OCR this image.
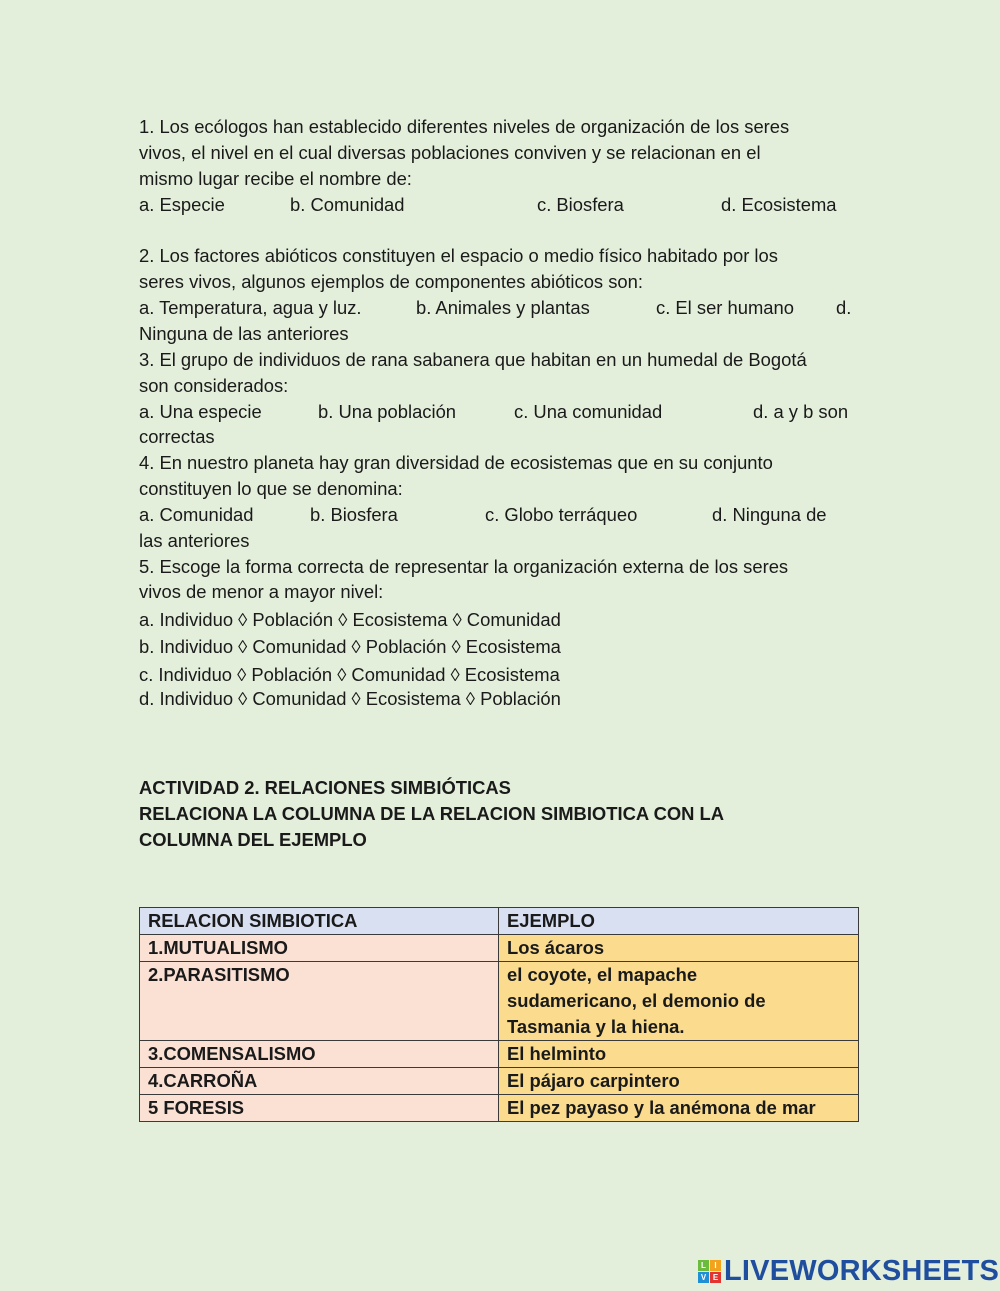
1. Los ecólogos han establecido diferentes niveles de organización de los seres
vivos, el nivel en el cual diversas poblaciones conviven y se relacionan en el
mismo lugar recibe el nombre de:
a. Especie	b. Comunidad	c. Biosfera	d. Ecosistema
2. Los factores abióticos constituyen el espacio o medio físico habitado por los
seres vivos, algunos ejemplos de componentes abióticos son:
a. Temperatura, agua y luz.	b. Animales y plantas	c. El ser humano d.
Ninguna de las anteriores
3. El grupo de individuos de rana sabanera que habitan en un humedal de Bogotá
son considerados:
a. Una especie	b. Una población	c. Una comunidad	d. a y b son
correctas
4. En nuestro planeta hay gran diversidad de ecosistemas que en su conjunto
constituyen lo que se denomina:
a. Comunidad	b. Biosfera	c. Globo terráqueo	d. Ninguna de
las anteriores
5. Escoge la forma correcta de representar la organización externa de los seres
vivos de menor a mayor nivel:
a. Individuo ◊ Población ◊ Ecosistema ◊ Comunidad
b. Individuo ◊ Comunidad ◊ Población ◊ Ecosistema
c. Individuo ◊ Población ◊ Comunidad ◊ Ecosistema
d. Individuo ◊ Comunidad ◊ Ecosistema ◊ Población
ACTIVIDAD 2. RELACIONES SIMBIÓTICAS
RELACIONA LA COLUMNA DE LA RELACION SIMBIOTICA CON LA
COLUMNA DEL EJEMPLO
RELACION SIMBIOTICA	EJEMPLO
1.MUTUALISMO	Los ácaros
2.PARASITISMO	el coyote, el mapache
sudamericano, el demonio de
Tasmania y la hiena.

3.COMENSALISMO	El helminto
4.CARROÑA	El pájaro carpintero
5 FORESIS	El pez payaso y la anémona de mar
L	I
V E LIVEWORKSHEETS
